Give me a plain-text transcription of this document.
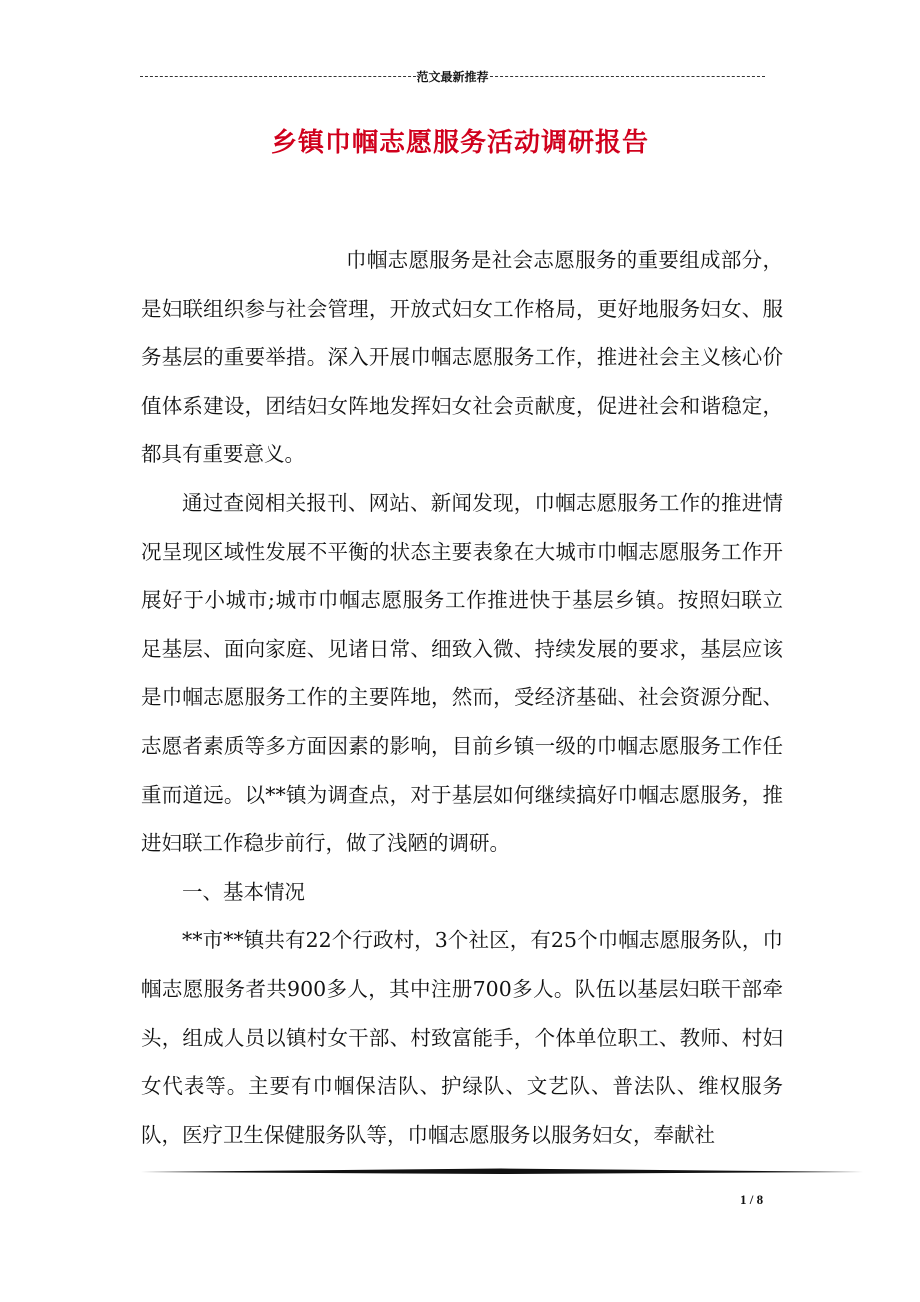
范文最新推荐
乡镇巾帼志愿服务活动调研报告

巾帼志愿服务是社会志愿服务的重要组成部分，是妇联组织参与社会管理，开放式妇女工作格局，更好地服务妇女、服务基层的重要举措。深入开展巾帼志愿服务工作，推进社会主义核心价值体系建设，团结妇女阵地发挥妇女社会贡献度，促进社会和谐稳定，都具有重要意义。

通过查阅相关报刊、网站、新闻发现，巾帼志愿服务工作的推进情况呈现区域性发展不平衡的状态主要表象在大城市巾帼志愿服务工作开展好于小城市;城市巾帼志愿服务工作推进快于基层乡镇。按照妇联立足基层、面向家庭、见诸日常、细致入微、持续发展的要求，基层应该是巾帼志愿服务工作的主要阵地，然而，受经济基础、社会资源分配、志愿者素质等多方面因素的影响，目前乡镇一级的巾帼志愿服务工作任重而道远。以**镇为调查点，对于基层如何继续搞好巾帼志愿服务，推进妇联工作稳步前行，做了浅陋的调研。

一、基本情况

**市**镇共有22个行政村，3个社区，有25个巾帼志愿服务队，巾帼志愿服务者共900多人，其中注册700多人。队伍以基层妇联干部牵头，组成人员以镇村女干部、村致富能手，个体单位职工、教师、村妇女代表等。主要有巾帼保洁队、护绿队、文艺队、普法队、维权服务队，医疗卫生保健服务队等，巾帼志愿服务以服务妇女，奉献社

1 / 8
